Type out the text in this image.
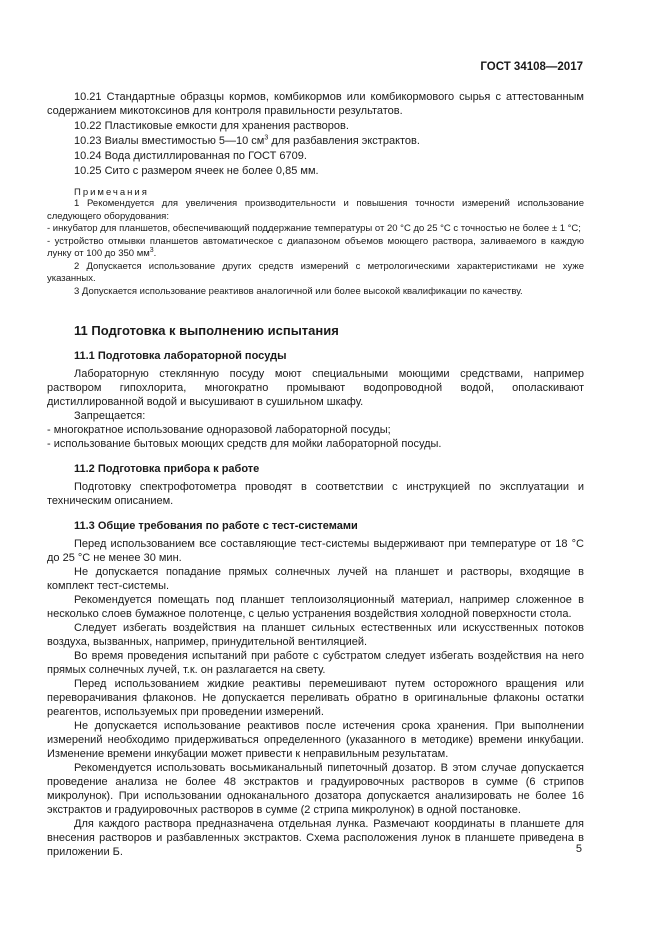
ГОСТ 34108—2017

10.21 Стандартные образцы кормов, комбикормов или комбикормового сырья с аттестованным содержанием микотоксинов для контроля правильности результатов.

10.22 Пластиковые емкости для хранения растворов.

10.23 Виалы вместимостью 5—10 $см^3$ для разбавления экстрактов.

10.24 Вода дистиллированная по ГОСТ 6709.

10.25 Сито с размером ячеек не более 0,85 мм.

Примечания

1 Рекомендуется для увеличения производительности и повышения точности измерений использование следующего оборудования:

- инкубатор для планшетов, обеспечивающий поддержание температуры от 20 °С до 25 °С с точностью не более ± 1 °С;

- устройство отмывки планшетов автоматическое с диапазоном объемов моющего раствора, заливаемого в каждую лунку от 100 до 350 $мм^3$.

2 Допускается использование других средств измерений с метрологическими характеристиками не хуже указанных.

3 Допускается использование реактивов аналогичной или более высокой квалификации по качеству.

11 Подготовка к выполнению испытания
11.1 Подготовка лабораторной посуды

Лабораторную стеклянную посуду моют специальными моющими средствами, например раствором гипохлорита, многократно промывают водопроводной водой, ополаскивают дистиллированной водой и высушивают в сушильном шкафу.

Запрещается:

- многократное использование одноразовой лабораторной посуды;

- использование бытовых моющих средств для мойки лабораторной посуды.

11.2 Подготовка прибора к работе

Подготовку спектрофотометра проводят в соответствии с инструкцией по эксплуатации и техническим описанием.

11.3 Общие требования по работе с тест-системами

Перед использованием все составляющие тест-системы выдерживают при температуре от 18 °С до 25 °С не менее 30 мин.

Не допускается попадание прямых солнечных лучей на планшет и растворы, входящие в комплект тест-системы.

Рекомендуется помещать под планшет теплоизоляционный материал, например сложенное в несколько слоев бумажное полотенце, с целью устранения воздействия холодной поверхности стола.

Следует избегать воздействия на планшет сильных естественных или искусственных потоков воздуха, вызванных, например, принудительной вентиляцией.

Во время проведения испытаний при работе с субстратом следует избегать воздействия на него прямых солнечных лучей, т.к. он разлагается на свету.

Перед использованием жидкие реактивы перемешивают путем осторожного вращения или переворачивания флаконов. Не допускается переливать обратно в оригинальные флаконы остатки реагентов, используемых при проведении измерений.

Не допускается использование реактивов после истечения срока хранения. При выполнении измерений необходимо придерживаться определенного (указанного в методике) времени инкубации. Изменение времени инкубации может привести к неправильным результатам.

Рекомендуется использовать восьмиканальный пипеточный дозатор. В этом случае допускается проведение анализа не более 48 экстрактов и градуировочных растворов в сумме (6 стрипов микролунок). При использовании одноканального дозатора допускается анализировать не более 16 экстрактов и градуировочных растворов в сумме (2 стрипа микролунок) в одной постановке.

Для каждого раствора предназначена отдельная лунка. Размечают координаты в планшете для внесения растворов и разбавленных экстрактов. Схема расположения лунок в планшете приведена в приложении Б.	5
